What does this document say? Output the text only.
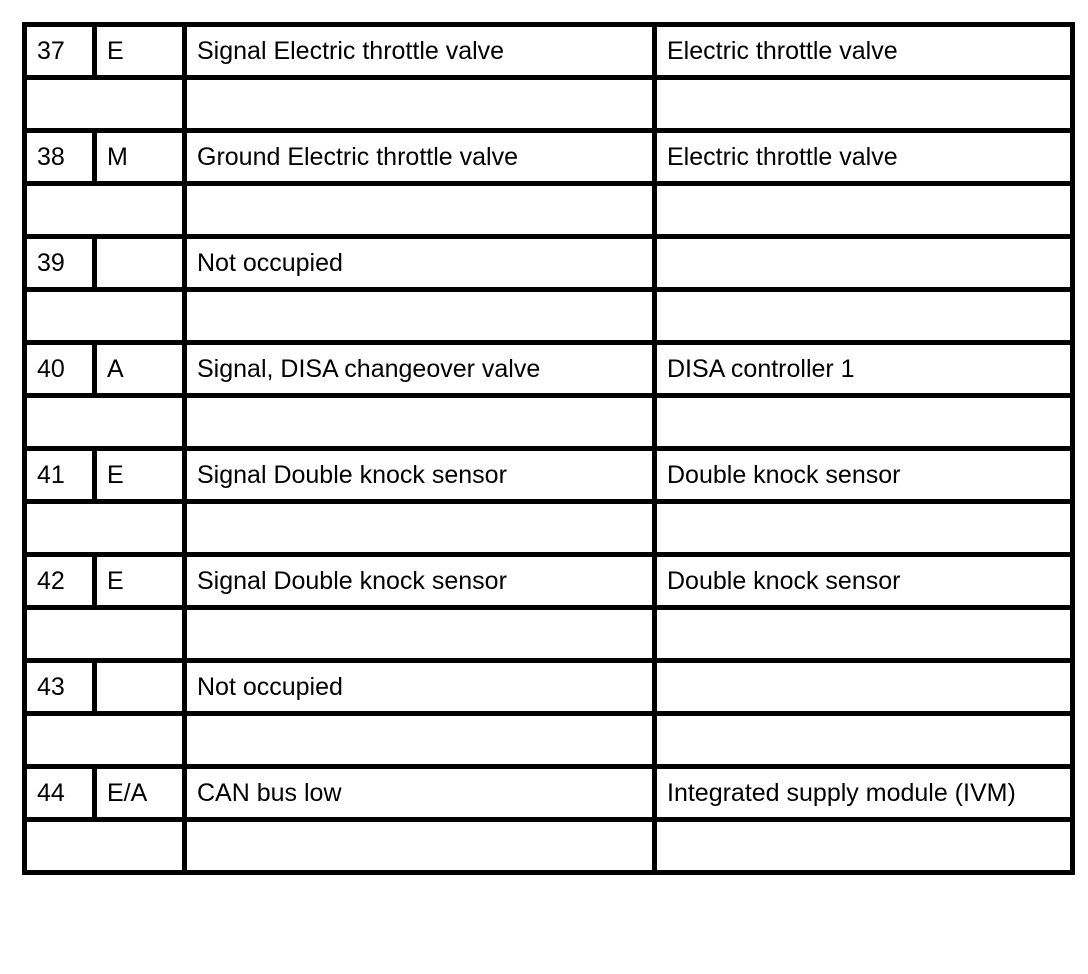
37	E	Signal Electric throttle valve	Electric throttle valve

38	M	Ground Electric throttle valve	Electric throttle valve

39		Not occupied	

40	A	Signal, DISA changeover valve	DISA controller 1

41	E	Signal Double knock sensor	Double knock sensor

42	E	Signal Double knock sensor	Double knock sensor

43		Not occupied	

44	E/A	CAN bus low	Integrated supply module (IVM)
